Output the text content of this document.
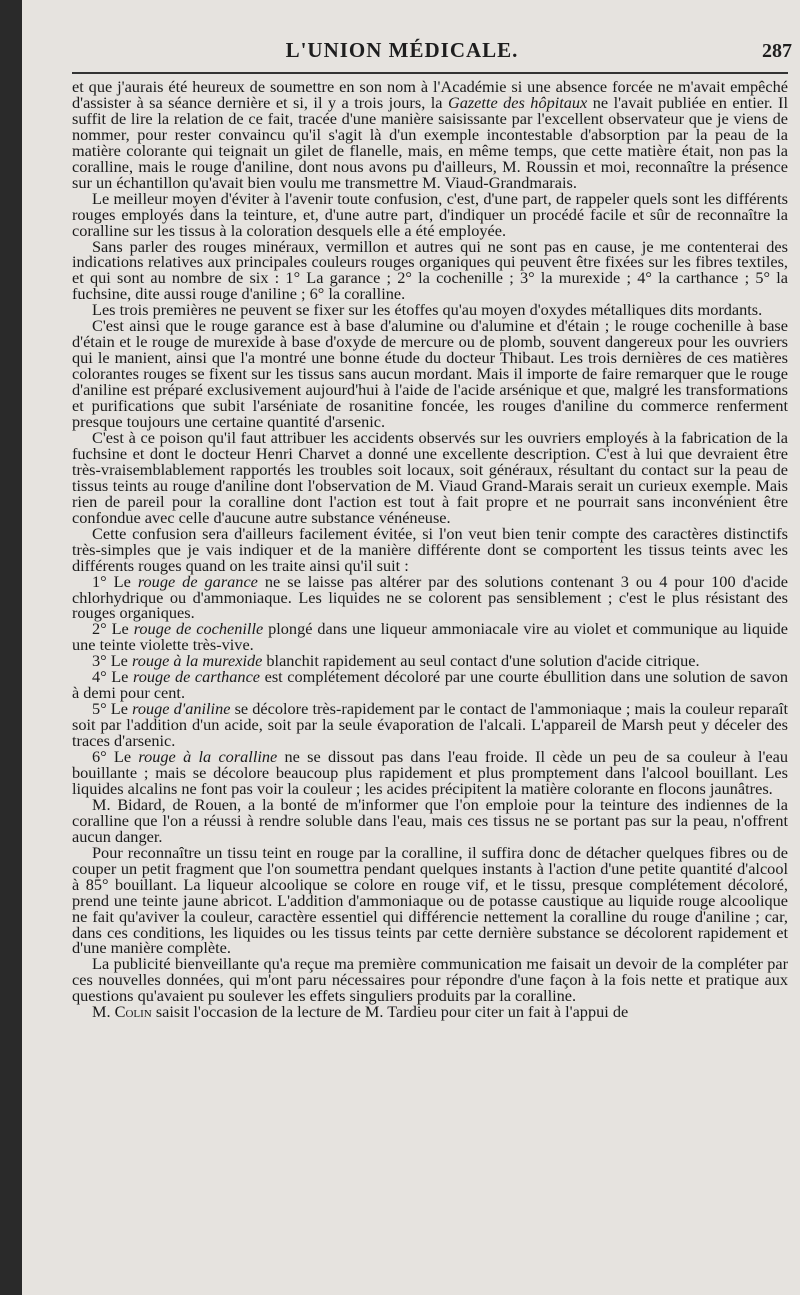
L'UNION MÉDICALE.	287

et que j'aurais été heureux de soumettre en son nom à l'Académie si une absence forcée ne m'avait empêché d'assister à sa séance dernière et si, il y a trois jours, la Gazette des hôpitaux ne l'avait publiée en entier. Il suffit de lire la relation de ce fait, tracée d'une manière saisissante par l'excellent observateur que je viens de nommer, pour rester convaincu qu'il s'agit là d'un exemple incontestable d'absorption par la peau de la matière colorante qui teignait un gilet de flanelle, mais, en même temps, que cette matière était, non pas la coralline, mais le rouge d'aniline, dont nous avons pu d'ailleurs, M. Roussin et moi, reconnaître la présence sur un échantillon qu'avait bien voulu me transmettre M. Viaud-Grandmarais.

Le meilleur moyen d'éviter à l'avenir toute confusion, c'est, d'une part, de rappeler quels sont les différents rouges employés dans la teinture, et, d'une autre part, d'indiquer un procédé facile et sûr de reconnaître la coralline sur les tissus à la coloration desquels elle a été employée.

Sans parler des rouges minéraux, vermillon et autres qui ne sont pas en cause, je me contenterai des indications relatives aux principales couleurs rouges organiques qui peuvent être fixées sur les fibres textiles, et qui sont au nombre de six : 1° La garance ; 2° la cochenille ; 3° la murexide ; 4° la carthance ; 5° la fuchsine, dite aussi rouge d'aniline ; 6° la coralline.

Les trois premières ne peuvent se fixer sur les étoffes qu'au moyen d'oxydes métalliques dits mordants.

C'est ainsi que le rouge garance est à base d'alumine ou d'alumine et d'étain ; le rouge cochenille à base d'étain et le rouge de murexide à base d'oxyde de mercure ou de plomb, souvent dangereux pour les ouvriers qui le manient, ainsi que l'a montré une bonne étude du docteur Thibaut. Les trois dernières de ces matières colorantes rouges se fixent sur les tissus sans aucun mordant. Mais il importe de faire remarquer que le rouge d'aniline est préparé exclusivement aujourd'hui à l'aide de l'acide arsénique et que, malgré les transformations et purifications que subit l'arséniate de rosanitine foncée, les rouges d'aniline du commerce renferment presque toujours une certaine quantité d'arsenic.

C'est à ce poison qu'il faut attribuer les accidents observés sur les ouvriers employés à la fabrication de la fuchsine et dont le docteur Henri Charvet a donné une excellente description. C'est à lui que devraient être très-vraisemblablement rapportés les troubles soit locaux, soit généraux, résultant du contact sur la peau de tissus teints au rouge d'aniline dont l'observation de M. Viaud Grand-Marais serait un curieux exemple. Mais rien de pareil pour la coralline dont l'action est tout à fait propre et ne pourrait sans inconvénient être confondue avec celle d'aucune autre substance vénéneuse.

Cette confusion sera d'ailleurs facilement évitée, si l'on veut bien tenir compte des caractères distinctifs très-simples que je vais indiquer et de la manière différente dont se comportent les tissus teints avec les différents rouges quand on les traite ainsi qu'il suit :

1° Le rouge de garance ne se laisse pas altérer par des solutions contenant 3 ou 4 pour 100 d'acide chlorhydrique ou d'ammoniaque. Les liquides ne se colorent pas sensiblement ; c'est le plus résistant des rouges organiques.

2° Le rouge de cochenille plongé dans une liqueur ammoniacale vire au violet et communique au liquide une teinte violette très-vive.

3° Le rouge à la murexide blanchit rapidement au seul contact d'une solution d'acide citrique.

4° Le rouge de carthance est complétement décoloré par une courte ébullition dans une solution de savon à demi pour cent.

5° Le rouge d'aniline se décolore très-rapidement par le contact de l'ammoniaque ; mais la couleur reparaît soit par l'addition d'un acide, soit par la seule évaporation de l'alcali. L'appareil de Marsh peut y déceler des traces d'arsenic.

6° Le rouge à la coralline ne se dissout pas dans l'eau froide. Il cède un peu de sa couleur à l'eau bouillante ; mais se décolore beaucoup plus rapidement et plus promptement dans l'alcool bouillant. Les liquides alcalins ne font pas voir la couleur ; les acides précipitent la matière colorante en flocons jaunâtres.

M. Bidard, de Rouen, a la bonté de m'informer que l'on emploie pour la teinture des indiennes de la coralline que l'on a réussi à rendre soluble dans l'eau, mais ces tissus ne se portant pas sur la peau, n'offrent aucun danger.

Pour reconnaître un tissu teint en rouge par la coralline, il suffira donc de détacher quelques fibres ou de couper un petit fragment que l'on soumettra pendant quelques instants à l'action d'une petite quantité d'alcool à 85° bouillant. La liqueur alcoolique se colore en rouge vif, et le tissu, presque complétement décoloré, prend une teinte jaune abricot. L'addition d'ammoniaque ou de potasse caustique au liquide rouge alcoolique ne fait qu'aviver la couleur, caractère essentiel qui différencie nettement la coralline du rouge d'aniline ; car, dans ces conditions, les liquides ou les tissus teints par cette dernière substance se décolorent rapidement et d'une manière complète.

La publicité bienveillante qu'a reçue ma première communication me faisait un devoir de la compléter par ces nouvelles données, qui m'ont paru nécessaires pour répondre d'une façon à la fois nette et pratique aux questions qu'avaient pu soulever les effets singuliers produits par la coralline.

M. Colin saisit l'occasion de la lecture de M. Tardieu pour citer un fait à l'appui de
